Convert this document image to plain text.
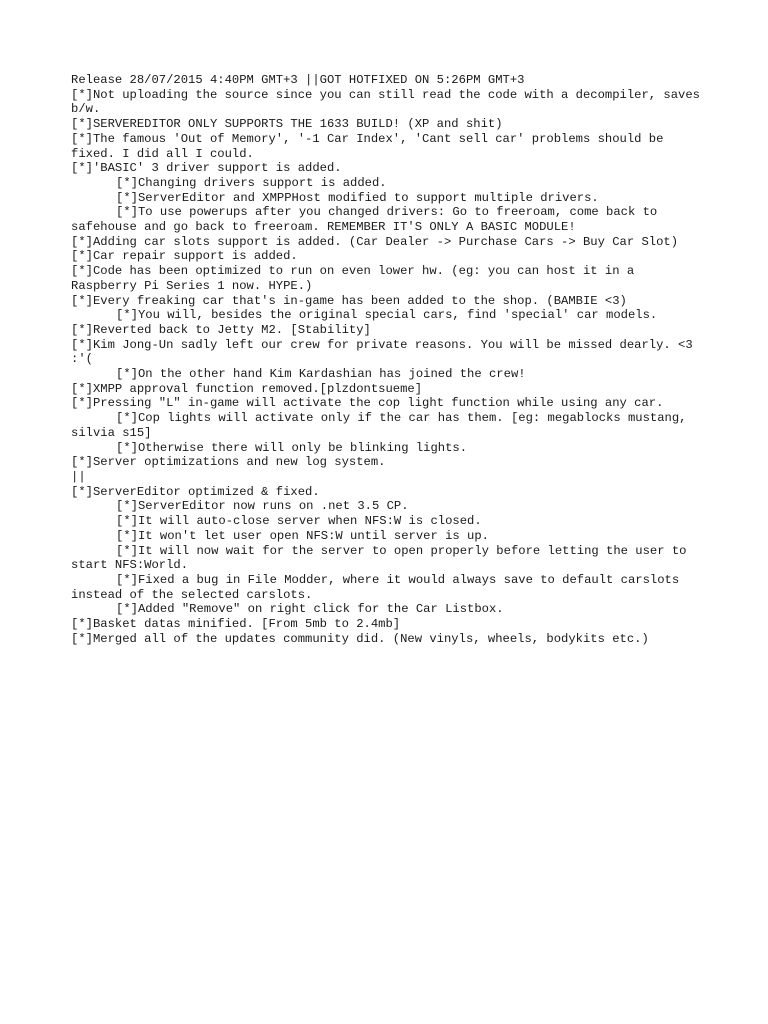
Release 28/07/2015 4:40PM GMT+3 ||GOT HOTFIXED ON 5:26PM GMT+3
[*]Not uploading the source since you can still read the code with a decompiler, saves b/w.
[*]SERVEREDITOR ONLY SUPPORTS THE 1633 BUILD! (XP and shit)
[*]The famous 'Out of Memory', '-1 Car Index', 'Cant sell car' problems should be fixed. I did all I could.
[*]'BASIC' 3 driver support is added.
[*]Changing drivers support is added.
[*]ServerEditor and XMPPHost modified to support multiple drivers.
[*]To use powerups after you changed drivers: Go to freeroam, come back to safehouse and go back to freeroam. REMEMBER IT'S ONLY A BASIC MODULE!
[*]Adding car slots support is added. (Car Dealer -> Purchase Cars -> Buy Car Slot)
[*]Car repair support is added.
[*]Code has been optimized to run on even lower hw. (eg: you can host it in a Raspberry Pi Series 1 now. HYPE.)
[*]Every freaking car that's in-game has been added to the shop. (BAMBIE <3)
[*]You will, besides the original special cars, find 'special' car models.
[*]Reverted back to Jetty M2. [Stability]
[*]Kim Jong-Un sadly left our crew for private reasons. You will be missed dearly. <3 :'(
[*]On the other hand Kim Kardashian has joined the crew!
[*]XMPP approval function removed.[plzdontsueme]
[*]Pressing "L" in-game will activate the cop light function while using any car.
[*]Cop lights will activate only if the car has them. [eg: megablocks mustang, silvia s15]
[*]Otherwise there will only be blinking lights.
[*]Server optimizations and new log system.
||
[*]ServerEditor optimized & fixed.
[*]ServerEditor now runs on .net 3.5 CP.
[*]It will auto-close server when NFS:W is closed.
[*]It won't let user open NFS:W until server is up.
[*]It will now wait for the server to open properly before letting the user to start NFS:World.
[*]Fixed a bug in File Modder, where it would always save to default carslots instead of the selected carslots.
[*]Added "Remove" on right click for the Car Listbox.
[*]Basket datas minified. [From 5mb to 2.4mb]
[*]Merged all of the updates community did. (New vinyls, wheels, bodykits etc.)
